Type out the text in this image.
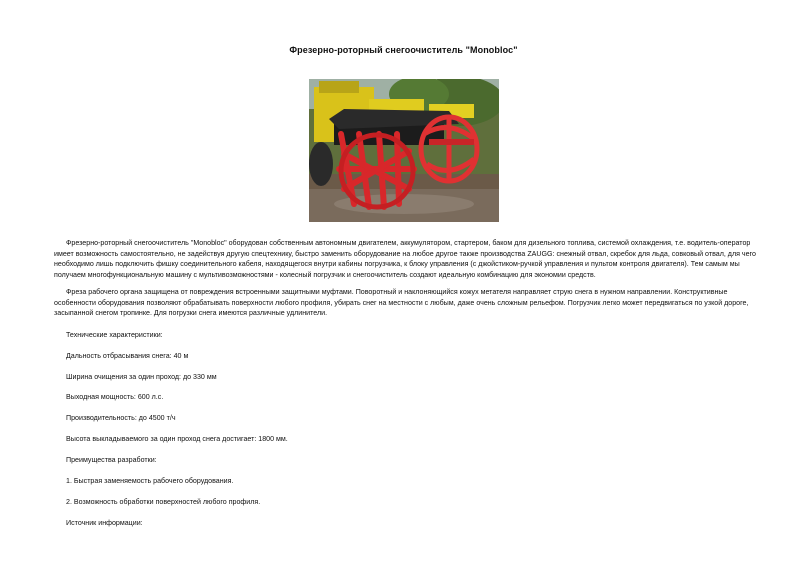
Фрезерно-роторный снегоочиститель "Monobloc"
Фрезерно-роторный снегоочиститель "Monobloc" оборудован собственным автономным двигателем, аккумулятором, стартером, баком для дизельного топлива, системой охлаждения, т.е. водитель-оператор имеет возможность самостоятельно, не задействуя другую спецтехнику, быстро заменить оборудование на любое другое также производства ZAUGG: снежный отвал, скребок для льда, совковый отвал, для чего необходимо лишь подключить фишку соединительного кабеля, находящегося внутри кабины погрузчика, к блоку управления (с джойстиком-ручкой управления и пультом контроля двигателя). Тем самым мы получаем многофункциональную машину с мультивозможностями - колесный погрузчик и снегоочиститель создают идеальную комбинацию для экономии средств.
Фреза рабочего органа защищена от повреждения встроенными защитными муфтами. Поворотный и наклоняющийся кожух метателя направляет струю снега в нужном направлении. Конструктивные особенности оборудования позволяют обрабатывать поверхности любого профиля, убирать снег на местности с любым, даже очень сложным рельефом. Погрузчик легко может передвигаться по узкой дороге, засыпанной снегом тропинке. Для погрузки снега имеются различные удлинители.
Технические характеристики:
Дальность отбрасывания снега: 40 м
Ширина очищения за один проход: до 330 мм
Выходная мощность: 600 л.с.
Производительность: до 4500 т/ч
Высота выкладываемого за один проход снега достигает: 1800 мм.
Преимущества разработки:
1. Быстрая заменяемость рабочего оборудования.
2. Возможность обработки поверхностей любого профиля.
Источник информации:
